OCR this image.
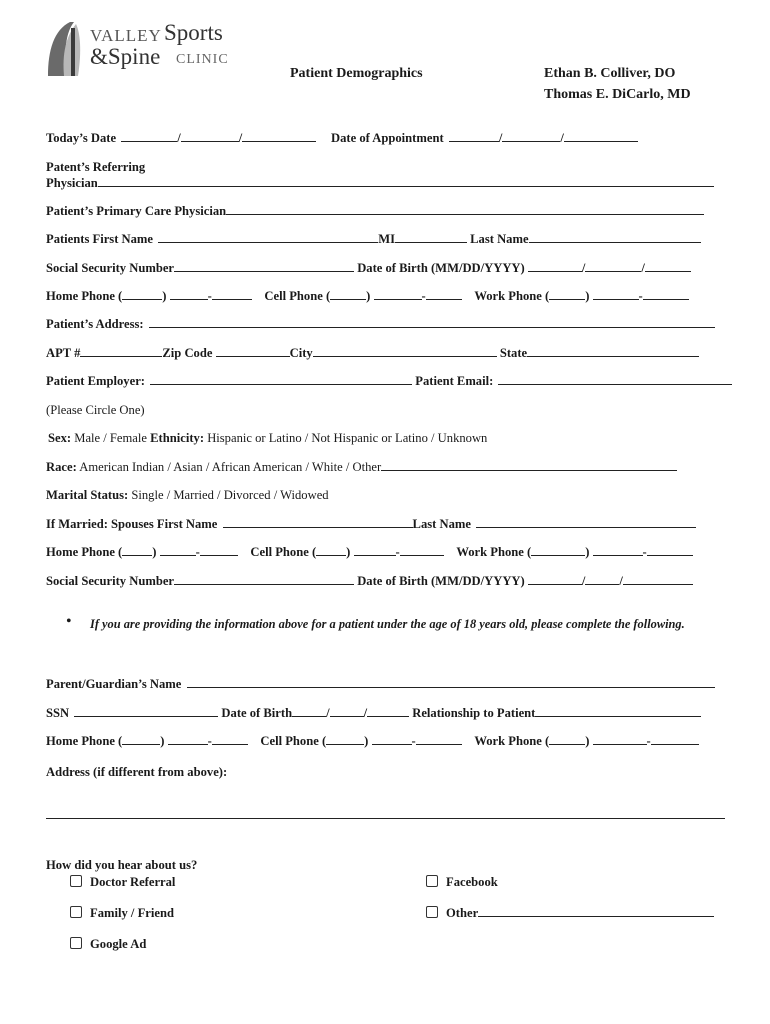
VALLEY Sports
&Spine CLINIC
Patient Demographics	Ethan B. Colliver, DO
Thomas E. DiCarlo, MD
Today’s Date	/	/	Date of Appointment	/	/
Patent’s Referring
Physician
Patient’s Primary Care Physician
Patients First Name	MI	Last Name
Social Security Number	Date of Birth (MM/DD/YYYY)	/	/
Home Phone (	)	-	Cell Phone (	)	-	Work Phone (	)	-
Patient’s Address:
APT #	Zip Code	City	State
Patient Employer:	Patient Email:
(Please Circle One)
Sex: Male / Female Ethnicity: Hispanic or Latino / Not Hispanic or Latino / Unknown
Race: American Indian / Asian / African American / White / Other
Marital Status: Single / Married / Divorced / Widowed
If Married: Spouses First Name	Last Name
Home Phone ( )	-	Cell Phone ( )	-	Work Phone (	)	-
Social Security Number	Date of Birth (MM/DD/YYYY)	/	/
• If you are providing the information above for a patient under the age of 18 years old, please complete the following.
Parent/Guardian’s Name
SSN	Date of Birth	/	/	Relationship to Patient
Home Phone (	)	-	Cell Phone (	)	-	Work Phone (	)	-
Address (if different from above):
How did you hear about us?
Doctor Referral	Facebook
Family / Friend	Other
Google Ad
